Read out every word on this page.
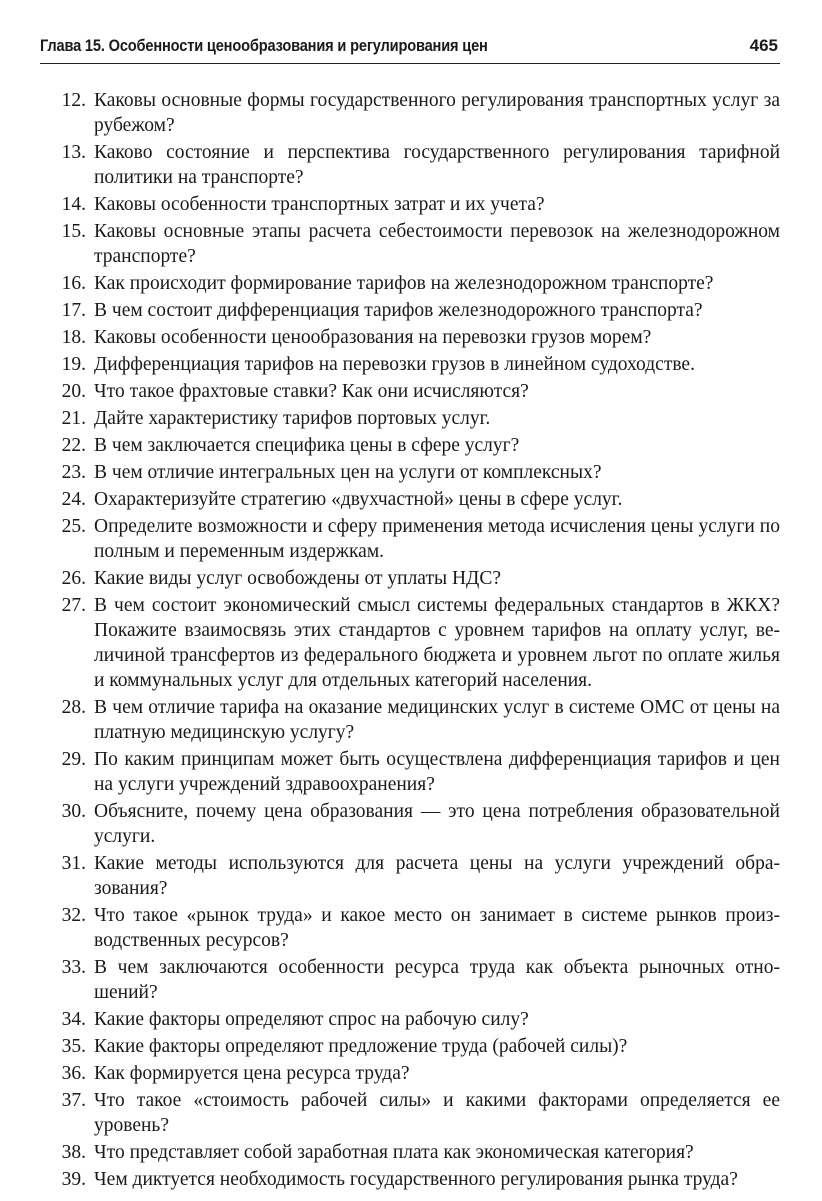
Глава 15. Особенности ценообразования и регулирования цен	465
12. Каковы основные формы государственного регулирования транспортных услуг за рубежом?
13. Каково состояние и перспектива государственного регулирования тарифной политики на транспорте?
14. Каковы особенности транспортных затрат и их учета?
15. Каковы основные этапы расчета себестоимости перевозок на железнодорожном транспорте?
16. Как происходит формирование тарифов на железнодорожном транспорте?
17. В чем состоит дифференциация тарифов железнодорожного транспорта?
18. Каковы особенности ценообразования на перевозки грузов морем?
19. Дифференциация тарифов на перевозки грузов в линейном судоходстве.
20. Что такое фрахтовые ставки? Как они исчисляются?
21. Дайте характеристику тарифов портовых услуг.
22. В чем заключается специфика цены в сфере услуг?
23. В чем отличие интегральных цен на услуги от комплексных?
24. Охарактеризуйте стратегию «двухчастной» цены в сфере услуг.
25. Определите возможности и сферу применения метода исчисления цены услуги по полным и переменным издержкам.
26. Какие виды услуг освобождены от уплаты НДС?
27. В чем состоит экономический смысл системы федеральных стандартов в ЖКХ? Покажите взаимосвязь этих стандартов с уровнем тарифов на оплату услуг, величиной трансфертов из федерального бюджета и уровнем льгот по оплате жилья и коммунальных услуг для отдельных категорий населения.
28. В чем отличие тарифа на оказание медицинских услуг в системе ОМС от цены на платную медицинскую услугу?
29. По каким принципам может быть осуществлена дифференциация тарифов и цен на услуги учреждений здравоохранения?
30. Объясните, почему цена образования — это цена потребления образовательной услуги.
31. Какие методы используются для расчета цены на услуги учреждений образования?
32. Что такое «рынок труда» и какое место он занимает в системе рынков производственных ресурсов?
33. В чем заключаются особенности ресурса труда как объекта рыночных отношений?
34. Какие факторы определяют спрос на рабочую силу?
35. Какие факторы определяют предложение труда (рабочей силы)?
36. Как формируется цена ресурса труда?
37. Что такое «стоимость рабочей силы» и какими факторами определяется ее уровень?
38. Что представляет собой заработная плата как экономическая категория?
39. Чем диктуется необходимость государственного регулирования рынка труда?
